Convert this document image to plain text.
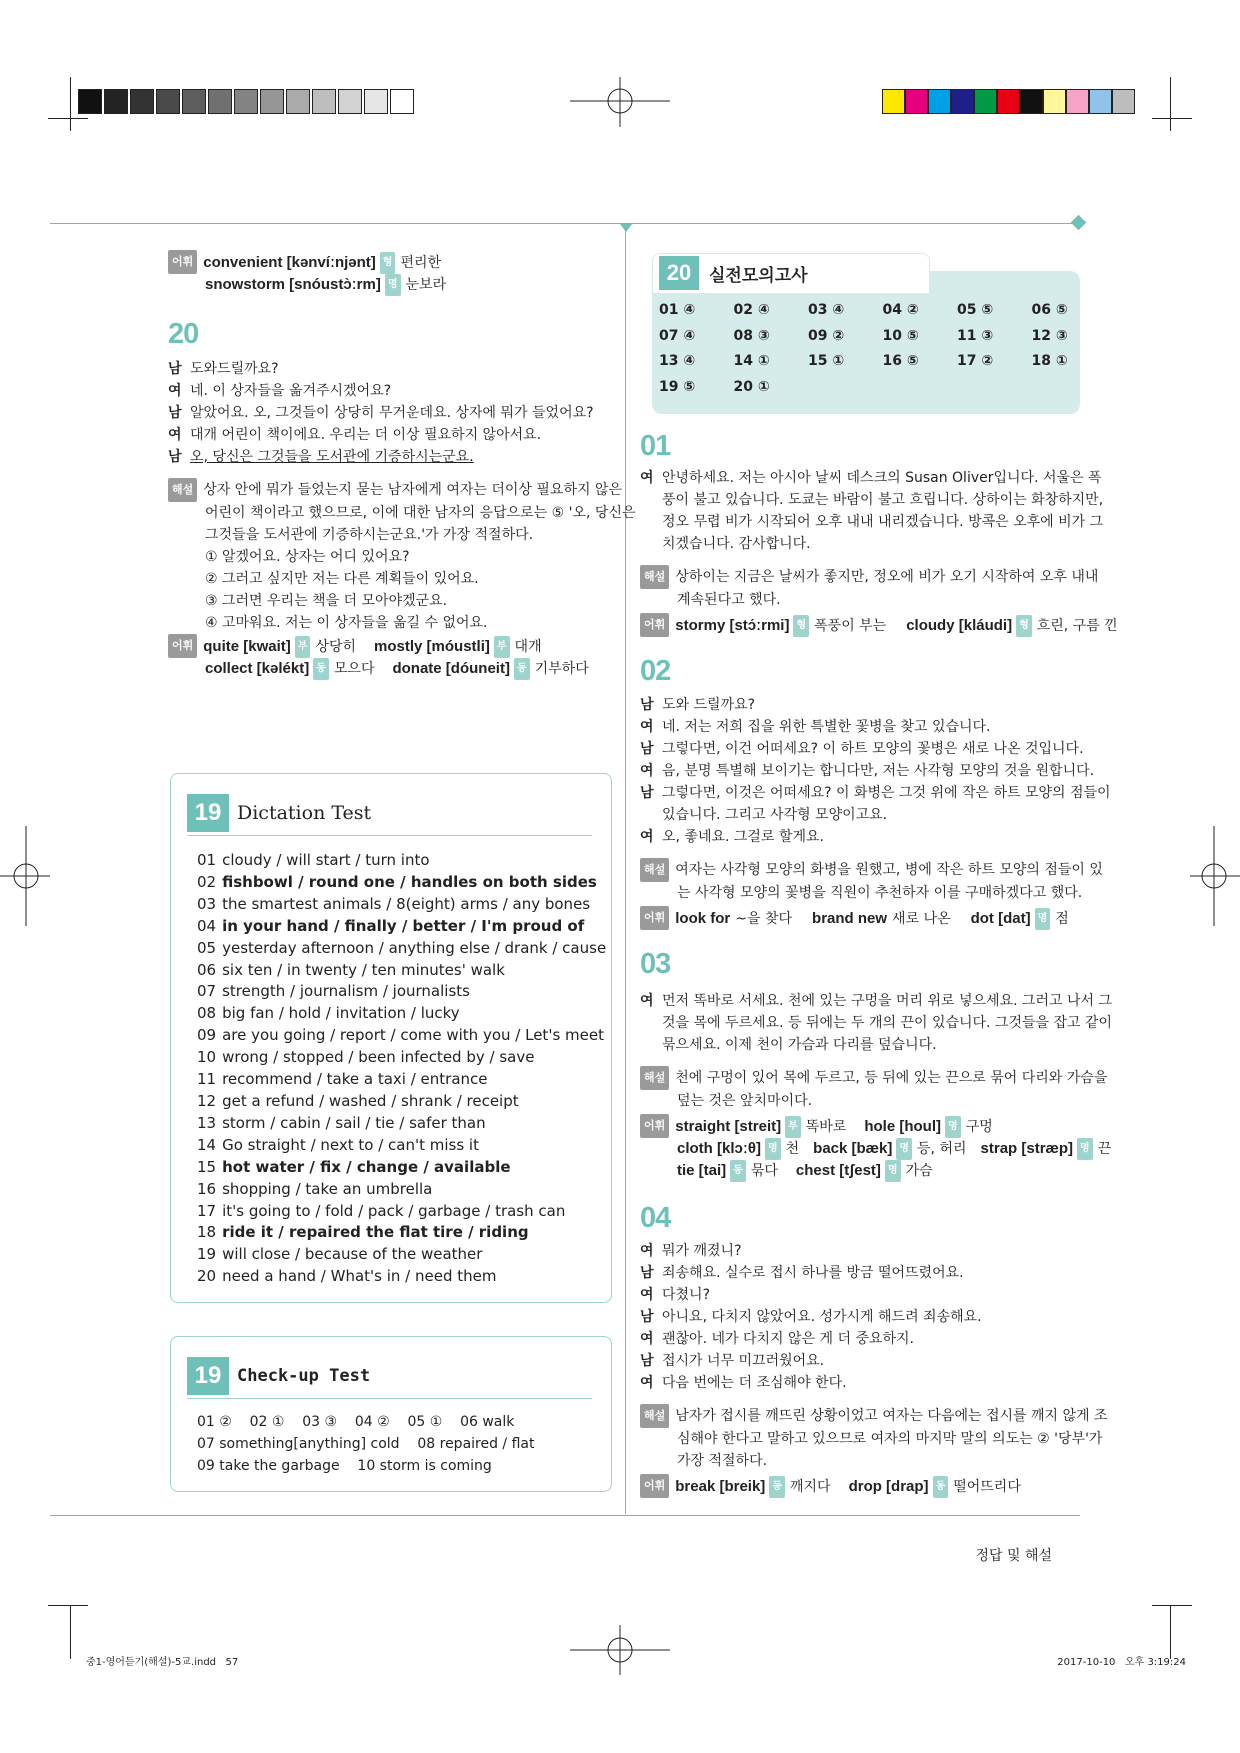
어휘 convenient [kənvíːnjənt] 형 편리한
snowstorm [snóustɔ̀ːrm] 명 눈보라
20
남 도와드릴까요?
여 네. 이 상자들을 옮겨주시겠어요?
남 알았어요. 오, 그것들이 상당히 무거운데요. 상자에 뭐가 들었어요?
여 대개 어린이 책이에요. 우리는 더 이상 필요하지 않아서요.
남 오, 당신은 그것들을 도서관에 기증하시는군요.
해설 상자 안에 뭐가 들었는지 묻는 남자에게 여자는 더이상 필요하지 않은
어린이 책이라고 했으므로, 이에 대한 남자의 응답으로는 ⑤ '오, 당신은
그것들을 도서관에 기증하시는군요.'가 가장 적절하다.
① 알겠어요. 상자는 어디 있어요?
② 그러고 싶지만 저는 다른 계획들이 있어요.
③ 그러면 우리는 책을 더 모아야겠군요.
④ 고마워요. 저는 이 상자들을 옮길 수 없어요.
어휘 quite [kwait] 부 상당히 mostly [móustli] 부 대개
collect [kəlékt] 동 모으다 donate [dóuneit] 동 기부하다
19 Dictation Test
01 cloudy / will start / turn into
02 fishbowl / round one / handles on both sides
03 the smartest animals / 8(eight) arms / any bones
04 in your hand / finally / better / I'm proud of
05 yesterday afternoon / anything else / drank / cause
06 six ten / in twenty / ten minutes' walk
07 strength / journalism / journalists
08 big fan / hold / invitation / lucky
09 are you going / report / come with you / Let's meet
10 wrong / stopped / been infected by / save
11 recommend / take a taxi / entrance
12 get a refund / washed / shrank / receipt
13 storm / cabin / sail / tie / safer than
14 Go straight / next to / can't miss it
15 hot water / fix / change / available
16 shopping / take an umbrella
17 it's going to / fold / pack / garbage / trash can
18 ride it / repaired the flat tire / riding
19 will close / because of the weather
20 need a hand / What's in / need them
19 Check-up Test
01 ②    02 ①    03 ③    04 ②    05 ①    06 walk
07 something[anything] cold    08 repaired / flat
09 take the garbage    10 storm is coming
20	실전모의고사
01 ④	02 ④	03 ④	04 ②	05 ⑤	06 ⑤
07 ④	08 ③	09 ②	10 ⑤	11 ③	12 ③
13 ④	14 ①	15 ①	16 ⑤	17 ②	18 ①
19 ⑤	20 ①
01
여 안녕하세요. 저는 아시아 날씨 데스크의 Susan Oliver입니다. 서울은 폭
풍이 불고 있습니다. 도쿄는 바람이 불고 흐립니다. 상하이는 화창하지만,
정오 무렵 비가 시작되어 오후 내내 내리겠습니다. 방콕은 오후에 비가 그
치겠습니다. 감사합니다.
해설 상하이는 지금은 날씨가 좋지만, 정오에 비가 오기 시작하여 오후 내내
계속된다고 했다.
어휘 stormy [stɔ́ːrmi] 형 폭풍이 부는 cloudy [kláudi] 형 흐린, 구름 낀
02
남 도와 드릴까요?
여 네. 저는 저희 집을 위한 특별한 꽃병을 찾고 있습니다.
남 그렇다면, 이건 어떠세요? 이 하트 모양의 꽃병은 새로 나온 것입니다.
여 음, 분명 특별해 보이기는 합니다만, 저는 사각형 모양의 것을 원합니다.
남 그렇다면, 이것은 어떠세요? 이 화병은 그것 위에 작은 하트 모양의 점들이
있습니다. 그리고 사각형 모양이고요.
여 오, 좋네요. 그걸로 할게요.
해설 여자는 사각형 모양의 화병을 원했고, 병에 작은 하트 모양의 점들이 있
는 사각형 모양의 꽃병을 직원이 추천하자 이를 구매하겠다고 했다.
어휘 look for ~을 찾다 brand new 새로 나온 dot [dat] 명 점
03
여 먼저 똑바로 서세요. 천에 있는 구멍을 머리 위로 넣으세요. 그러고 나서 그
것을 목에 두르세요. 등 뒤에는 두 개의 끈이 있습니다. 그것들을 잡고 같이
묶으세요. 이제 천이 가슴과 다리를 덮습니다.
해설 천에 구멍이 있어 목에 두르고, 등 뒤에 있는 끈으로 묶어 다리와 가슴을
덮는 것은 앞치마이다.
어휘 straight [streit] 부 똑바로 hole [houl] 명 구멍
cloth [klɔːθ] 명 천 back [bæk] 명 등, 허리 strap [stræp] 명 끈
tie [tai] 동 묶다 chest [tʃest] 명 가슴
04
여 뭐가 깨졌니?
남 죄송해요. 실수로 접시 하나를 방금 떨어뜨렸어요.
여 다쳤니?
남 아니요, 다치지 않았어요. 성가시게 해드려 죄송해요.
여 괜찮아. 네가 다치지 않은 게 더 중요하지.
남 접시가 너무 미끄러웠어요.
여 다음 번에는 더 조심해야 한다.
해설 남자가 접시를 깨뜨린 상황이었고 여자는 다음에는 접시를 깨지 않게 조
심해야 한다고 말하고 있으므로 여자의 마지막 말의 의도는 ② '당부'가
가장 적절하다.
어휘 break [breik] 동 깨지다 drop [drap] 동 떨어뜨리다
정답 및 해설
중1-영어듣기(해설)-5교.indd   57	2017-10-10   오후 3:19:24
